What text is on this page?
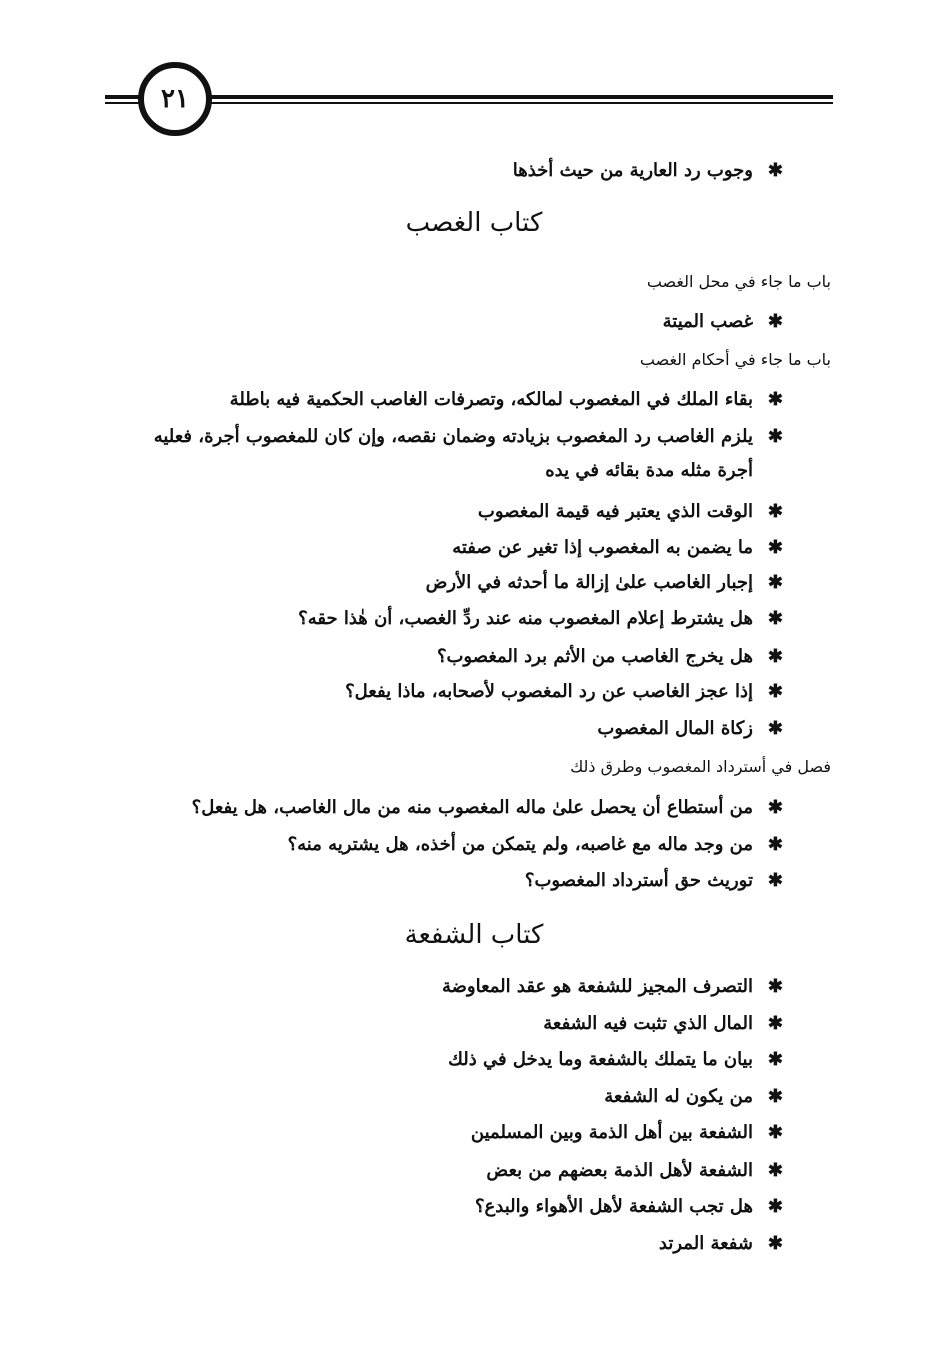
٢١

✱وجوب رد العارية من حيث أخذها

كتاب الغصب
باب ما جاء في محل الغصب

✱غصب الميتة

باب ما جاء في أحكام الغصب

✱بقاء الملك في المغصوب لمالكه، وتصرفات الغاصب الحكمية فيه باطلة

✱يلزم الغاصب رد المغصوب بزيادته وضمان نقصه، وإن كان للمغصوب أجرة، فعليه
أجرة مثله مدة بقائه في يده

✱الوقت الذي يعتبر فيه قيمة المغصوب

✱ما يضمن به المغصوب إذا تغير عن صفته

✱إجبار الغاصب علىٰ إزالة ما أحدثه في الأرض

✱هل يشترط إعلام المغصوب منه عند ردِّ الغصب، أن هٰذا حقه؟

✱هل يخرج الغاصب من الأثم برد المغصوب؟

✱إذا عجز الغاصب عن رد المغصوب لأصحابه، ماذا يفعل؟

✱زكاة المال المغصوب

فصل في أسترداد المغصوب وطرق ذلك

✱من أستطاع أن يحصل علىٰ ماله المغصوب منه من مال الغاصب، هل يفعل؟

✱من وجد ماله مع غاصبه، ولم يتمكن من أخذه، هل يشتريه منه؟

✱توريث حق أسترداد المغصوب؟

كتاب الشفعة

✱التصرف المجيز للشفعة هو عقد المعاوضة

✱المال الذي تثبت فيه الشفعة

✱بيان ما يتملك بالشفعة وما يدخل في ذلك

✱من يكون له الشفعة

✱الشفعة بين أهل الذمة وبين المسلمين

✱الشفعة لأهل الذمة بعضهم من بعض

✱هل تجب الشفعة لأهل الأهواء والبدع؟

✱شفعة المرتد
